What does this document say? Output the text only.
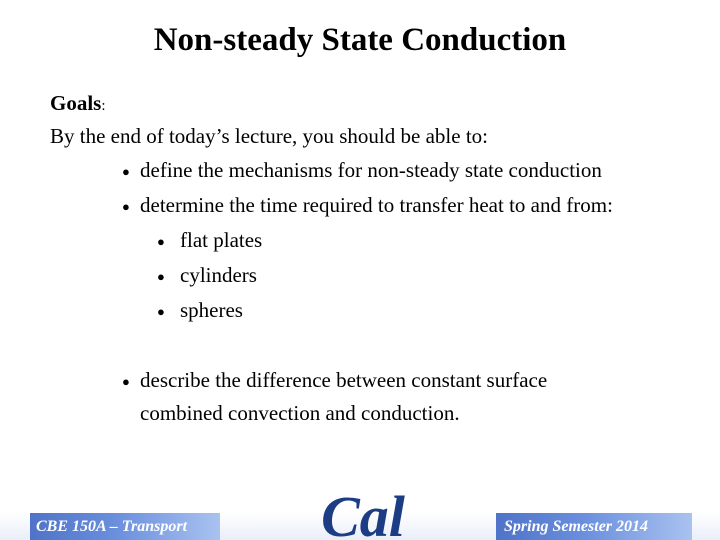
Non-steady State Conduction
Goals:
By the end of today’s lecture, you should be able to:
● define the mechanisms for non-steady state conduction
● determine the time required to transfer heat to and from:
● flat plates
● cylinders
● spheres
● describe the difference between constant surface
combined convection and conduction.
CBE 150A – Transport	Spring Semester 2014
Cal
